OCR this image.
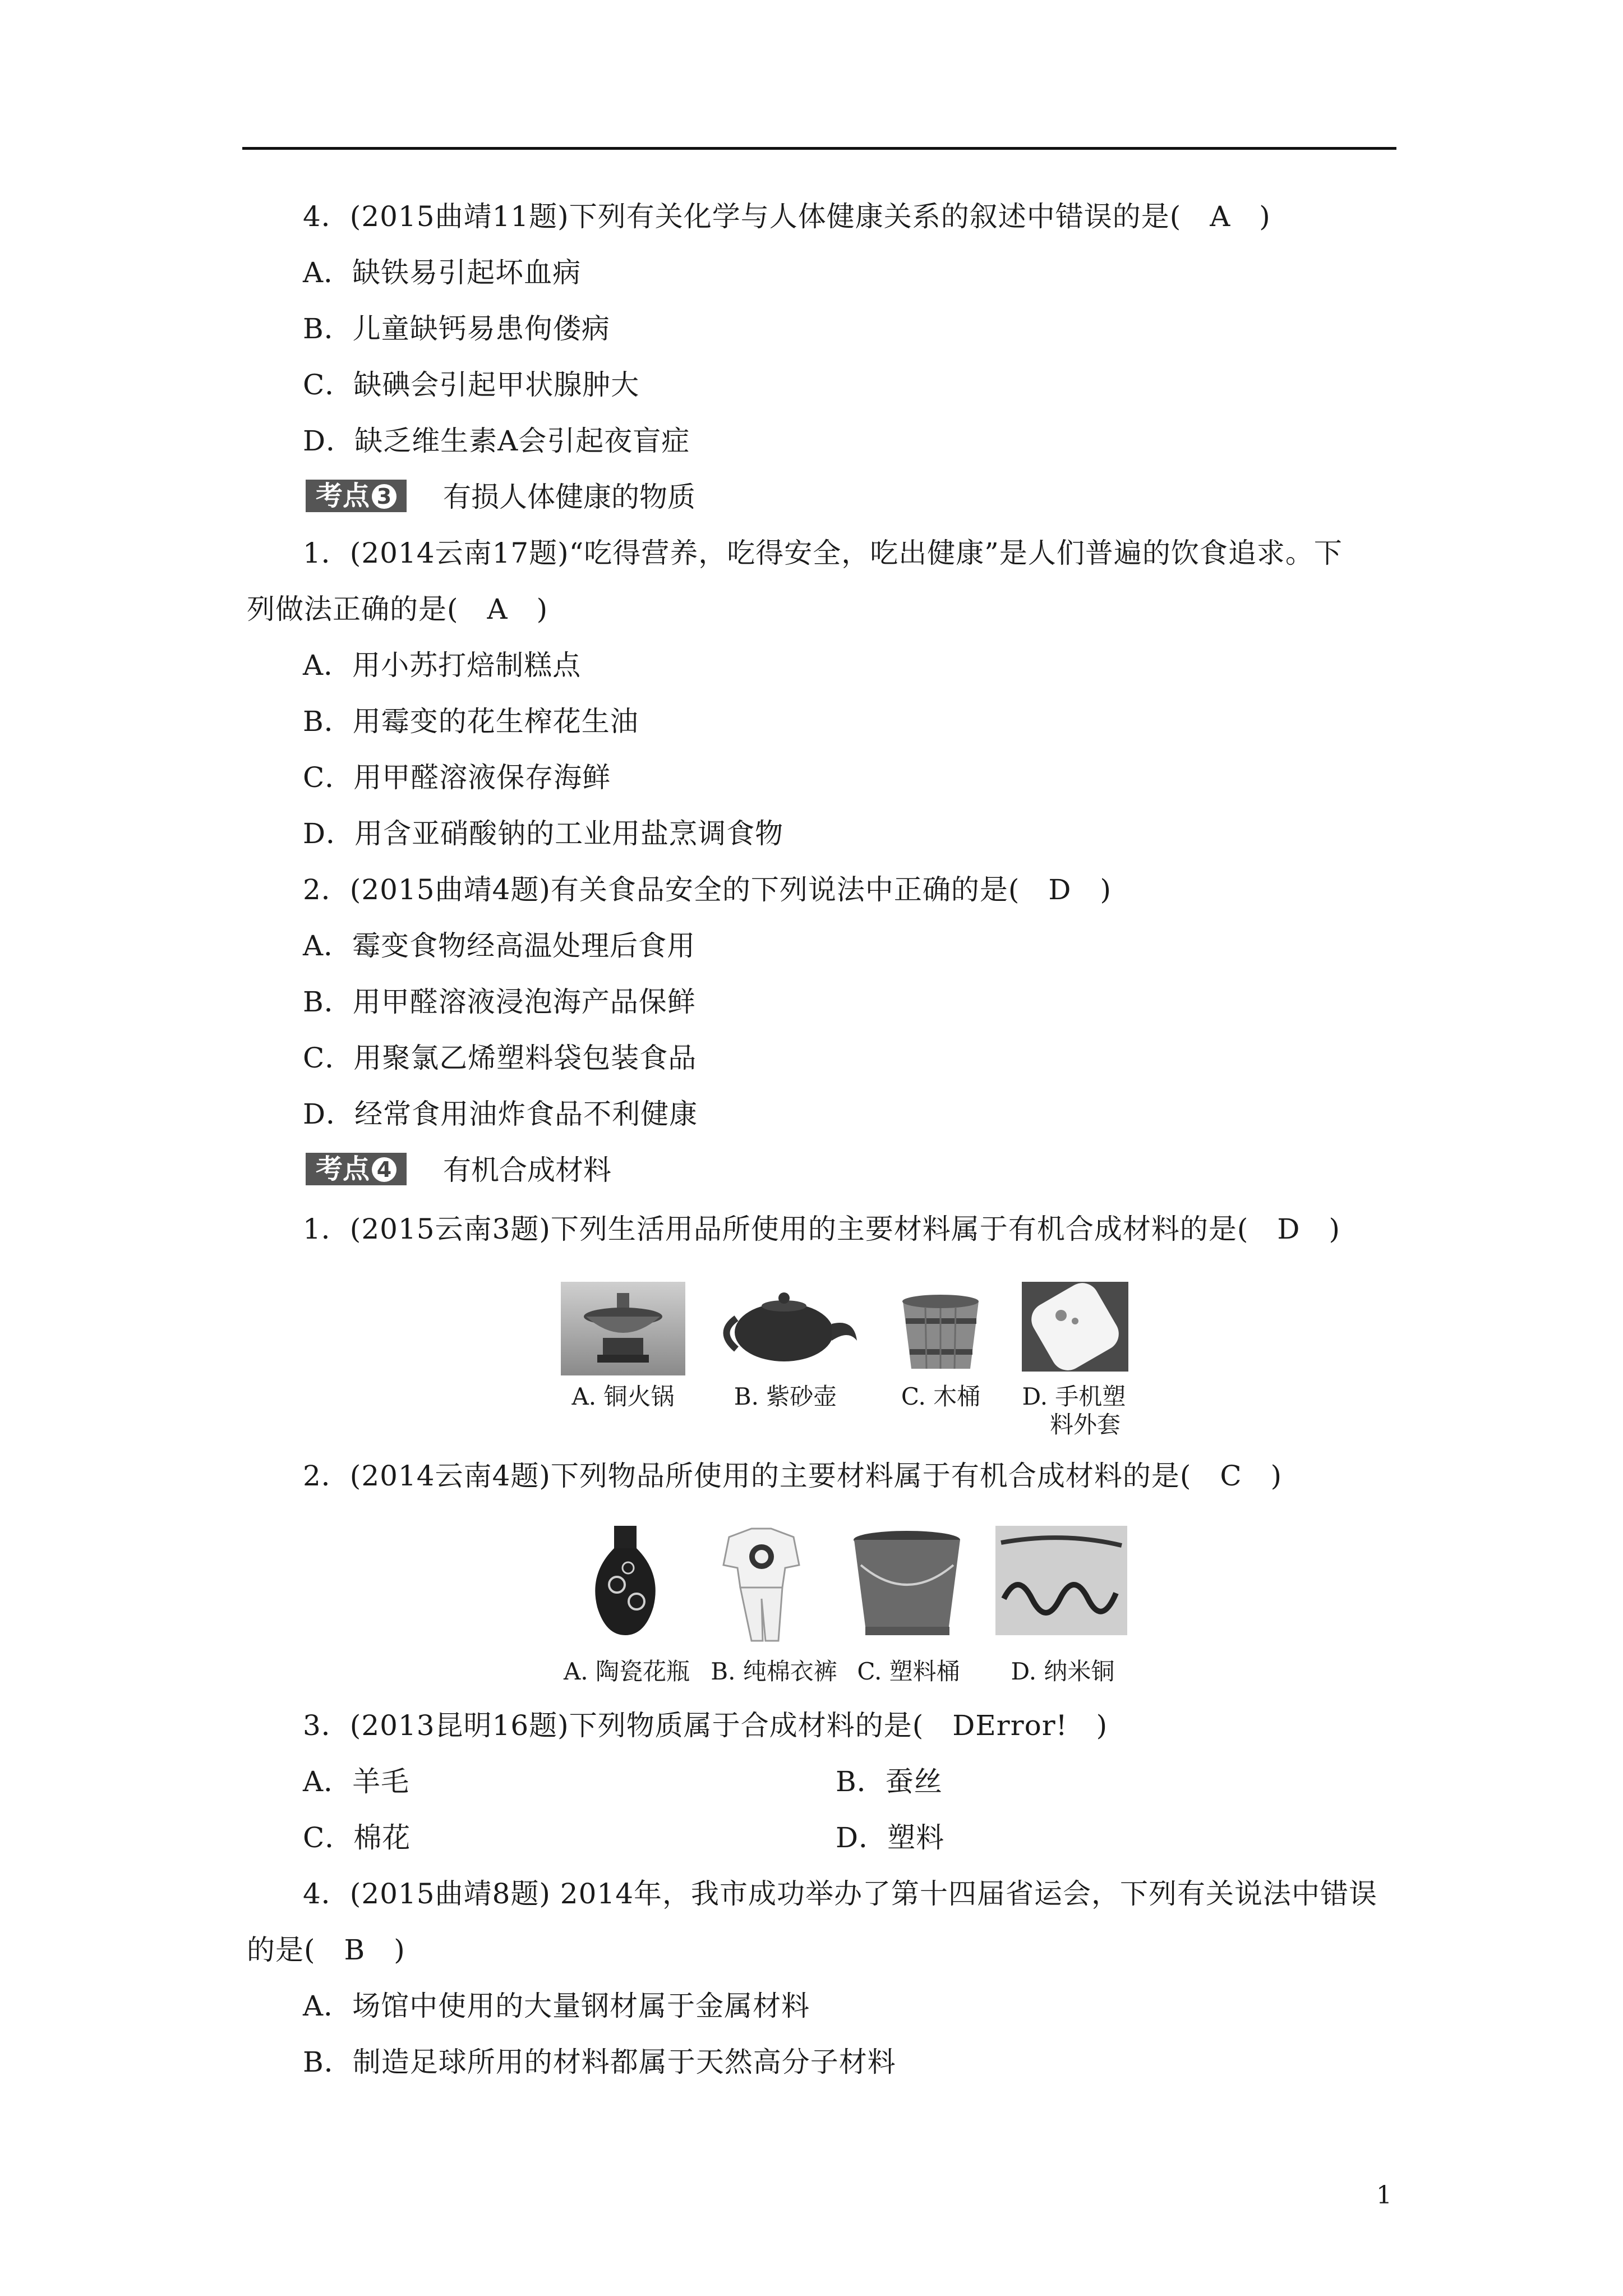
4．(2015曲靖11题)下列有关化学与人体健康关系的叙述中错误的是(　A　)
A．缺铁易引起坏血病
B．儿童缺钙易患佝偻病
C．缺碘会引起甲状腺肿大
D．缺乏维生素A会引起夜盲症
考点 3	有损人体健康的物质
1．(2014云南17题)“吃得营养，吃得安全，吃出健康”是人们普遍的饮食追求。下
列做法正确的是(　A　)
A．用小苏打焙制糕点
B．用霉变的花生榨花生油
C．用甲醛溶液保存海鲜
D．用含亚硝酸钠的工业用盐烹调食物
2．(2015曲靖4题)有关食品安全的下列说法中正确的是(　D　)
A．霉变食物经高温处理后食用
B．用甲醛溶液浸泡海产品保鲜
C．用聚氯乙烯塑料袋包装食品
D．经常食用油炸食品不利健康
考点 4	有机合成材料
1．(2015云南3题)下列生活用品所使用的主要材料属于有机合成材料的是(　D　)
A. 铜火锅	B. 紫砂壶	C. 木桶	D. 手机塑
料外套
2．(2014云南4题)下列物品所使用的主要材料属于有机合成材料的是(　C　)
A. 陶瓷花瓶 B. 纯棉衣裤 C. 塑料桶	D. 纳米铜
3．(2013昆明16题)下列物质属于合成材料的是(　DError!　)
A．羊毛	B．蚕丝
C．棉花	D．塑料
4．(2015曲靖8题) 2014年，我市成功举办了第十四届省运会，下列有关说法中错误
的是(　B　)
A．场馆中使用的大量钢材属于金属材料
B．制造足球所用的材料都属于天然高分子材料
1
